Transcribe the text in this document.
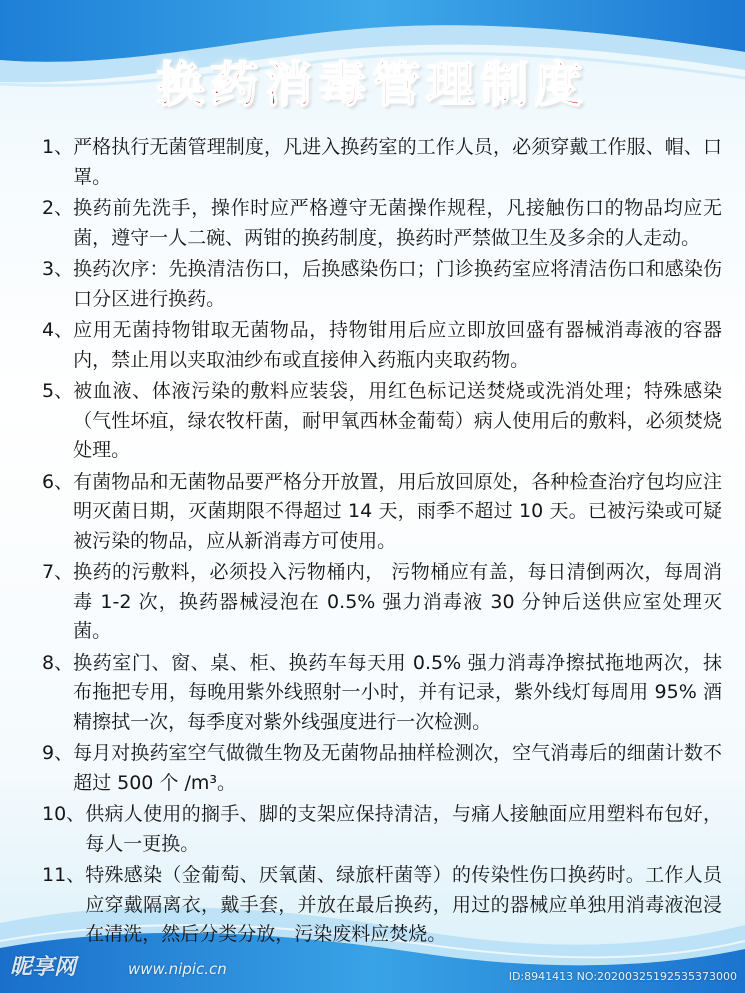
换药消毒管理制度
1、 严格执行无菌管理制度，凡进入换药室的工作人员，必须穿戴工作服、帽、口罩。
2、 换药前先洗手，操作时应严格遵守无菌操作规程，凡接触伤口的物品均应无菌，遵守一人二碗、两钳的换药制度，换药时严禁做卫生及多余的人走动。
3、 换药次序：先换清洁伤口，后换感染伤口；门诊换药室应将清洁伤口和感染伤口分区进行换药。
4、 应用无菌持物钳取无菌物品，持物钳用后应立即放回盛有器械消毒液的容器内，禁止用以夹取油纱布或直接伸入药瓶内夹取药物。
5、 被血液、体液污染的敷料应装袋，用红色标记送焚烧或洗消处理；特殊感染（气性坏疽，绿农牧杆菌，耐甲氧西林金葡萄）病人使用后的敷料，必须焚烧处理。
6、 有菌物品和无菌物品要严格分开放置，用后放回原处，各种检查治疗包均应注明灭菌日期，灭菌期限不得超过 14 天，雨季不超过 10 天。已被污染或可疑被污染的物品，应从新消毒方可使用。
7、 换药的污敷料，必须投入污物桶内， 污物桶应有盖，每日清倒两次，每周消毒 1-2 次，换药器械浸泡在 0.5% 强力消毒液 30 分钟后送供应室处理灭菌。
8、 换药室门、窗、桌、柜、换药车每天用 0.5% 强力消毒净擦拭拖地两次，抹布拖把专用，每晚用紫外线照射一小时，并有记录，紫外线灯每周用 95% 酒精擦拭一次，每季度对紫外线强度进行一次检测。
9、 每月对换药室空气做微生物及无菌物品抽样检测次，空气消毒后的细菌计数不超过 500 个 /m³。
10、 供病人使用的搁手、脚的支架应保持清洁，与痛人接触面应用塑料布包好，每人一更换。
11、 特殊感染（金葡萄、厌氧菌、绿旅杆菌等）的传染性伤口换药时。工作人员应穿戴隔离衣，戴手套，并放在最后换药，用过的器械应单独用消毒液泡浸在清洗，然后分类分放，污染废料应焚烧。
昵享网	www.nipic.cn	ID:8941413 NO:20200325192535373000
